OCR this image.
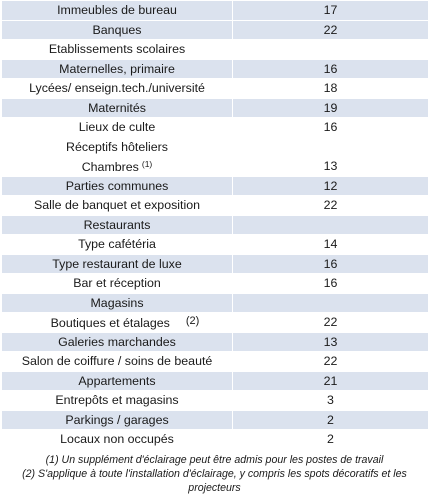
Immeubles de bureau	17
Banques	22
Etablissements scolaires	
Maternelles, primaire	16
Lycées/ enseign.tech./université	18
Maternités	19
Lieux de culte	16
Réceptifs hôteliers	
Chambres $^{(1)}$	13
Parties communes	12
Salle de banquet et exposition	22
Restaurants	
Type cafétéria	14
Type restaurant de luxe	16
Bar et réception	16
Magasins	
Boutiques et étalages (2)	22
Galeries marchandes	13
Salon de coiffure / soins de beauté	22
Appartements	21
Entrepôts et magasins	3
Parkings / garages	2
Locaux non occupés	2
(1) Un supplément d'éclairage peut être admis pour les postes de travail
(2) S'applique à toute l'installation d'éclairage, y compris les spots décoratifs et les projecteurs
